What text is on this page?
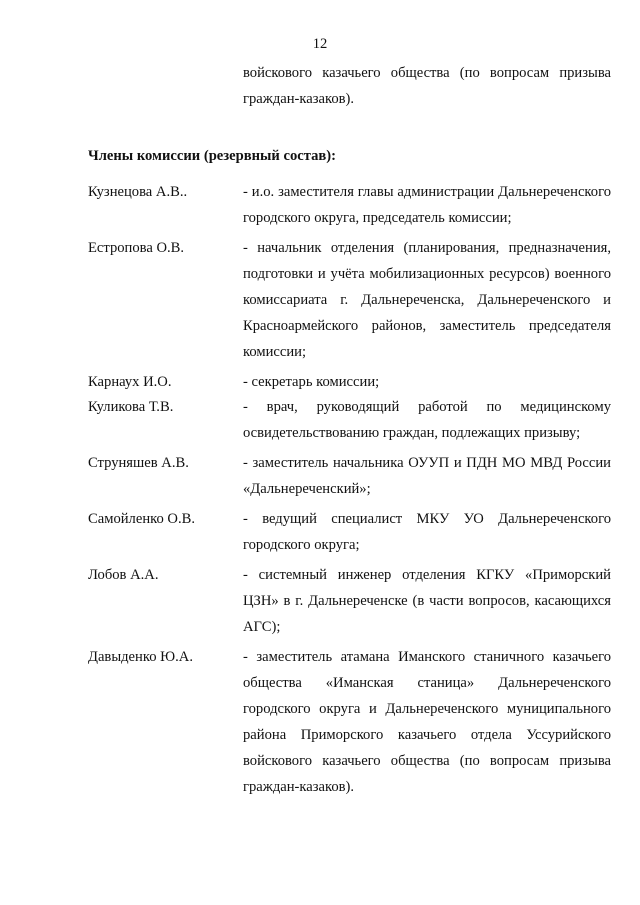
12
войскового казачьего общества (по вопросам призыва граждан-казаков).
Члены комиссии (резервный состав):
Кузнецова А.В..	- и.о. заместителя главы администрации Дальнереченского городского округа, председатель комиссии;
Естропова О.В.	- начальник отделения (планирования, предназначения, подготовки и учёта мобилизационных ресурсов) военного комиссариата г. Дальнереченска, Дальнереченского и Красноармейского районов, заместитель председателя комиссии;
Карнаух И.О.	- секретарь комиссии;
Куликова Т.В.	- врач, руководящий работой по медицинскому освидетельствованию граждан, подлежащих призыву;
Струняшев А.В.	- заместитель начальника ОУУП и ПДН МО МВД России «Дальнереченский»;
Самойленко О.В.	- ведущий специалист МКУ УО Дальнереченского городского округа;
Лобов А.А.	- системный инженер отделения КГКУ «Приморский ЦЗН» в г. Дальнереченске (в части вопросов, касающихся АГС);
Давыденко Ю.А.	- заместитель атамана Иманского станичного казачьего общества «Иманская станица» Дальнереченского городского округа и Дальнереченского муниципального района Приморского казачьего отдела Уссурийского войскового казачьего общества (по вопросам призыва граждан-казаков).
